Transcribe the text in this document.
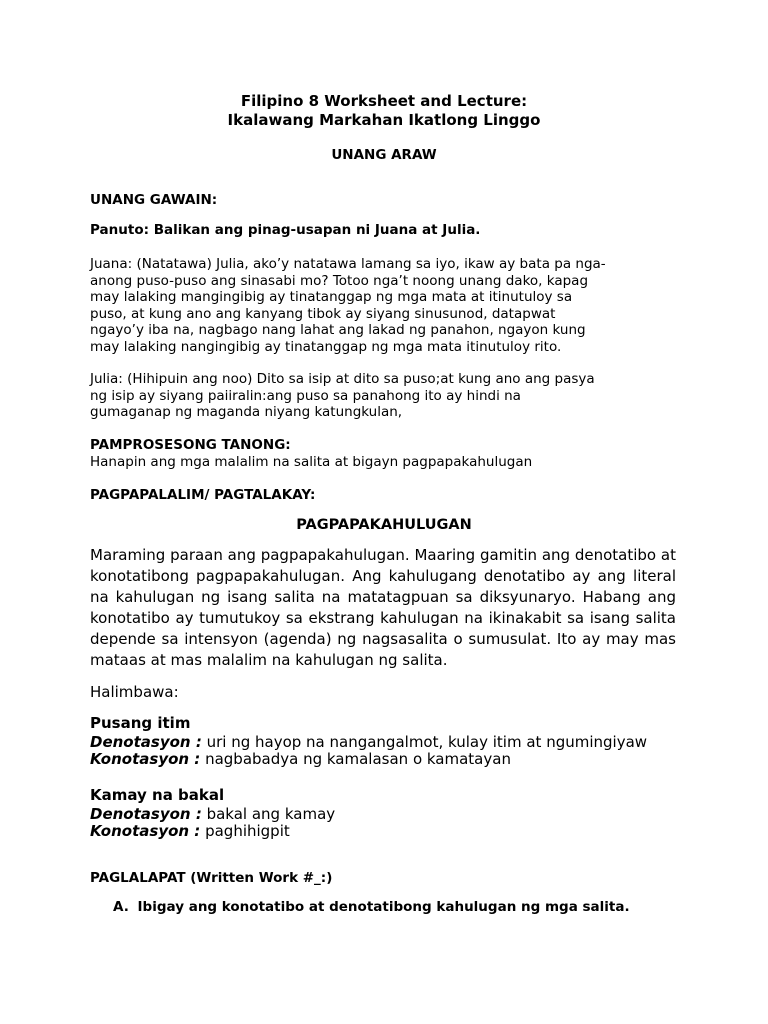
Filipino 8 Worksheet and Lecture:
Ikalawang Markahan Ikatlong Linggo
UNANG ARAW
UNANG GAWAIN:
Panuto: Balikan ang pinag-usapan ni Juana at Julia.
Juana: (Natatawa) Julia, ako’y natatawa lamang sa iyo, ikaw ay bata pa nga-
anong puso-puso ang sinasabi mo? Totoo nga’t noong unang dako, kapag
may lalaking mangingibig ay tinatanggap ng mga mata at itinutuloy sa
puso, at kung ano ang kanyang tibok ay siyang sinusunod, datapwat
ngayo’y iba na, nagbago nang lahat ang lakad ng panahon, ngayon kung
may lalaking nangingibig ay tinatanggap ng mga mata itinutuloy rito.
Julia: (Hihipuin ang noo) Dito sa isip at dito sa puso;at kung ano ang pasya
ng isip ay siyang paiiralin:ang puso sa panahong ito ay hindi na
gumaganap ng maganda niyang katungkulan,
PAMPROSESONG TANONG:
Hanapin ang mga malalim na salita at bigayn pagpapakahulugan
PAGPAPALALIM/ PAGTALAKAY:
PAGPAPAKAHULUGAN

Maraming paraan ang pagpapakahulugan. Maaring gamitin ang denotatibo at konotatibong pagpapakahulugan. Ang kahulugang denotatibo ay ang literal na kahulugan ng isang salita na matatagpuan sa diksyunaryo. Habang ang konotatibo ay tumutukoy sa ekstrang kahulugan na ikinakabit sa isang salita depende sa intensyon (agenda) ng nagsasalita o sumusulat. Ito ay may mas mataas at mas malalim na kahulugan ng salita.

Halimbawa:
Pusang itim
Denotasyon : uri ng hayop na nangangalmot, kulay itim at ngumingiyaw
Konotasyon : nagbabadya ng kamalasan o kamatayan
Kamay na bakal
Denotasyon : bakal ang kamay
Konotasyon : paghihigpit
PAGLALAPAT (Written Work #_:)
A. Ibigay ang konotatibo at denotatibong kahulugan ng mga salita.
